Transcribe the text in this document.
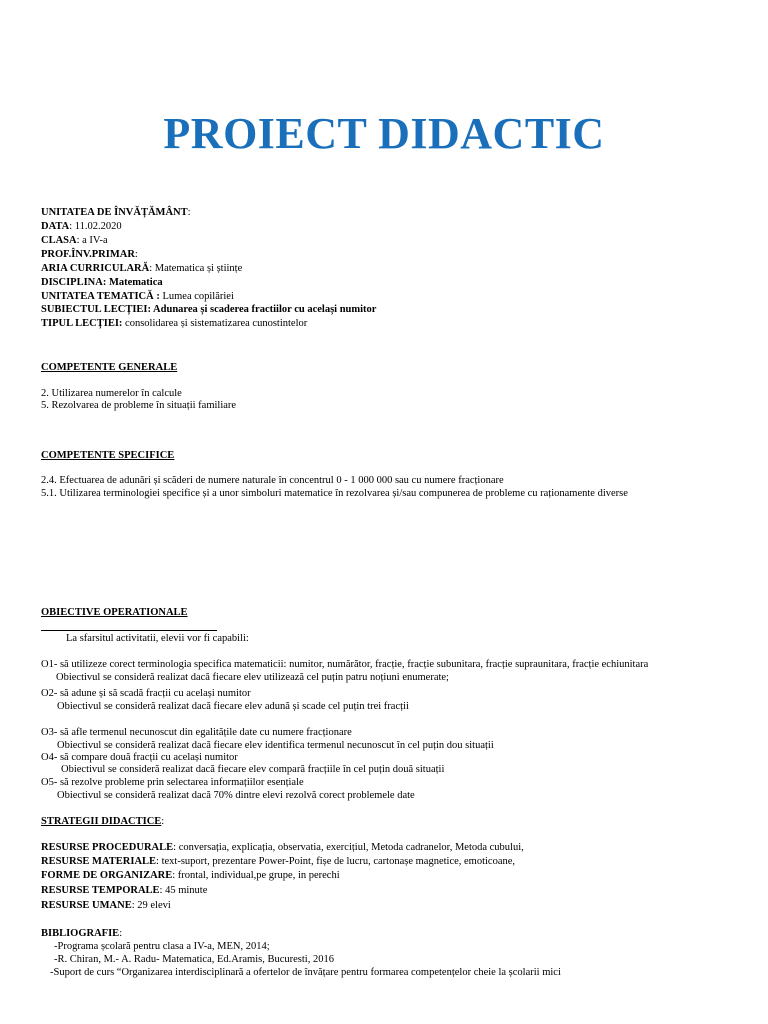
PROIECT DIDACTIC
UNITATEA DE ÎNVĂȚĂMÂNT:
DATA: 11.02.2020
CLASA: a IV-a
PROF.ÎNV.PRIMAR:
ARIA CURRICULARĂ: Matematica și științe
DISCIPLINA: Matematica
UNITATEA TEMATICĂ : Lumea copilăriei
SUBIECTUL LECȚIEI: Adunarea și scaderea fractiilor cu același numitor
TIPUL LECȚIEI: consolidarea și sistematizarea cunostintelor
COMPETENTE GENERALE
2. Utilizarea numerelor în calcule
5. Rezolvarea de probleme în situații familiare
COMPETENTE SPECIFICE
2.4. Efectuarea de adunări și scăderi de numere naturale în concentrul 0 - 1 000 000 sau cu numere fracționare
5.1. Utilizarea terminologiei specifice și a unor simboluri matematice în rezolvarea și/sau compunerea de probleme cu raționamente diverse
OBIECTIVE OPERATIONALE
La sfarsitul activitatii, elevii vor fi capabili:
O1- să utilizeze corect terminologia specifica matematicii: numitor, numărător, fracție, fracție subunitara, fracție supraunitara, fracție echiunitara
Obiectivul se consideră realizat dacă fiecare elev utilizează cel puțin patru noțiuni enumerate;
O2- să adune și să scadă fracții cu același numitor
Obiectivul se consideră realizat dacă fiecare elev adună și scade cel puțin trei fracții
O3- să afle termenul necunoscut din egalitățile date cu numere fracționare
Obiectivul se consideră realizat dacă fiecare elev identifica termenul necunoscut în cel puțin dou situații
O4- să compare două fracții cu același numitor
Obiectivul se consideră realizat dacă fiecare elev compară fracțiile în cel puțin două situații
O5- să rezolve probleme prin selectarea informațiilor esențiale
Obiectivul se consideră realizat dacă 70% dintre elevi rezolvă corect problemele date
STRATEGII DIDACTICE:
RESURSE PROCEDURALE: conversația, explicația, observatia, exercițiul, Metoda cadranelor, Metoda cubului,
RESURSE MATERIALE: text-suport, prezentare Power-Point, fișe de lucru, cartonașe magnetice, emoticoane,
FORME DE ORGANIZARE: frontal, individual,pe grupe, in perechi
RESURSE TEMPORALE: 45 minute
RESURSE UMANE: 29 elevi
BIBLIOGRAFIE:
-Programa școlară pentru clasa a IV-a, MEN, 2014;
-R. Chiran, M.- A. Radu- Matematica, Ed.Aramis, Bucuresti, 2016
-Suport de curs “Organizarea interdisciplinară a ofertelor de învățare pentru formarea competențelor cheie la școlarii mici
